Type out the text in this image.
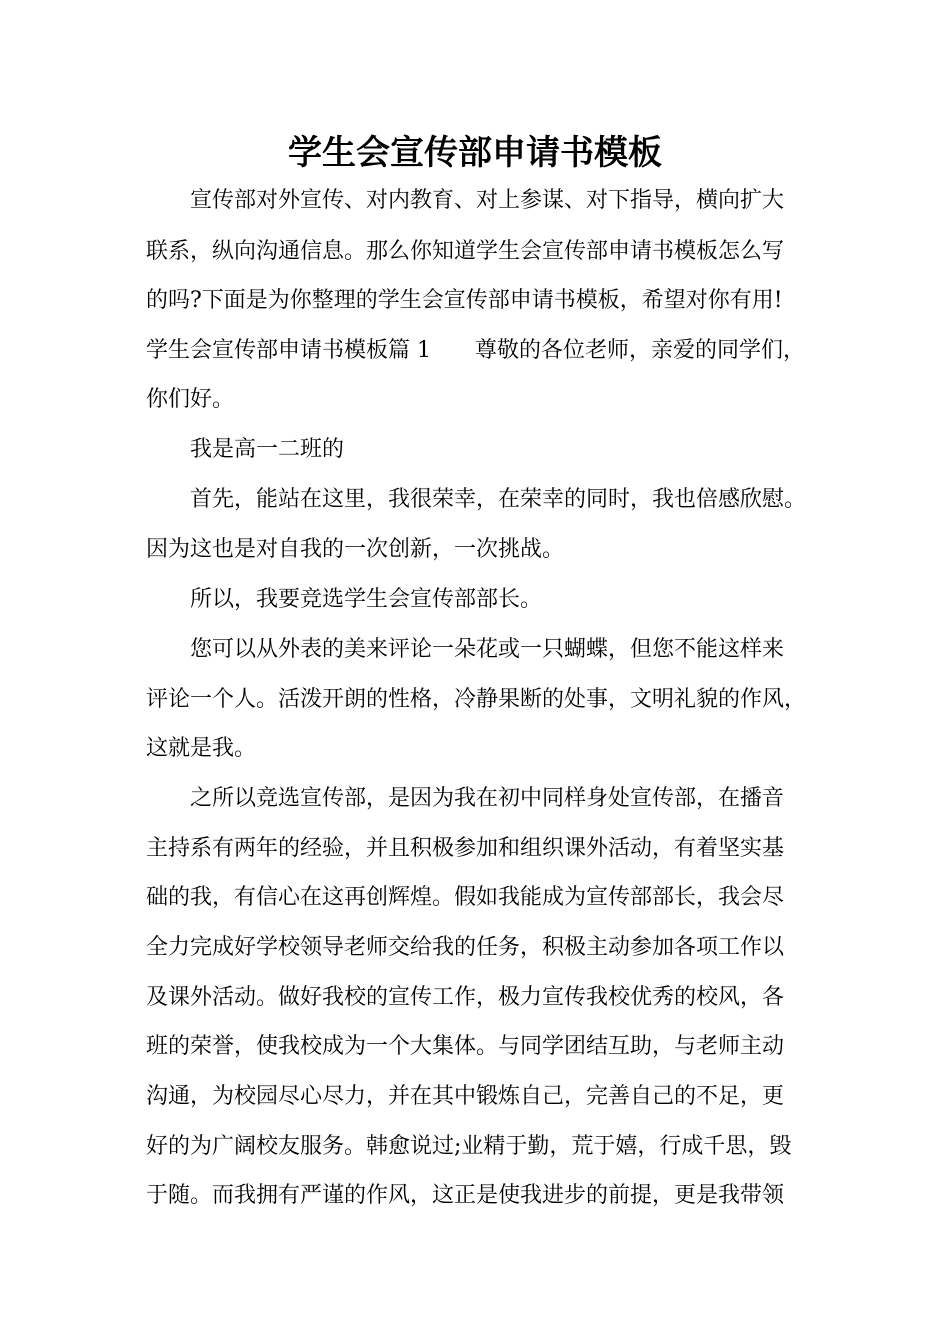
学生会宣传部申请书模板
宣传部对外宣传、对内教育、对上参谋、对下指导，横向扩大
联系，纵向沟通信息。那么你知道学生会宣传部申请书模板怎么写
的吗?下面是为你整理的学生会宣传部申请书模板，希望对你有用!
学生会宣传部申请书模板篇 1　　尊敬的各位老师，亲爱的同学们，
你们好。
我是高一二班的
首先，能站在这里，我很荣幸，在荣幸的同时，我也倍感欣慰。
因为这也是对自我的一次创新，一次挑战。
所以，我要竞选学生会宣传部部长。
您可以从外表的美来评论一朵花或一只蝴蝶，但您不能这样来
评论一个人。活泼开朗的性格，冷静果断的处事，文明礼貌的作风，
这就是我。
之所以竞选宣传部，是因为我在初中同样身处宣传部，在播音
主持系有两年的经验，并且积极参加和组织课外活动，有着坚实基
础的我，有信心在这再创辉煌。假如我能成为宣传部部长，我会尽
全力完成好学校领导老师交给我的任务，积极主动参加各项工作以
及课外活动。做好我校的宣传工作，极力宣传我校优秀的校风，各
班的荣誉，使我校成为一个大集体。与同学团结互助，与老师主动
沟通，为校园尽心尽力，并在其中锻炼自己，完善自己的不足，更
好的为广阔校友服务。韩愈说过;业精于勤，荒于嬉，行成千思，毁
于随。而我拥有严谨的作风，这正是使我进步的前提，更是我带领
